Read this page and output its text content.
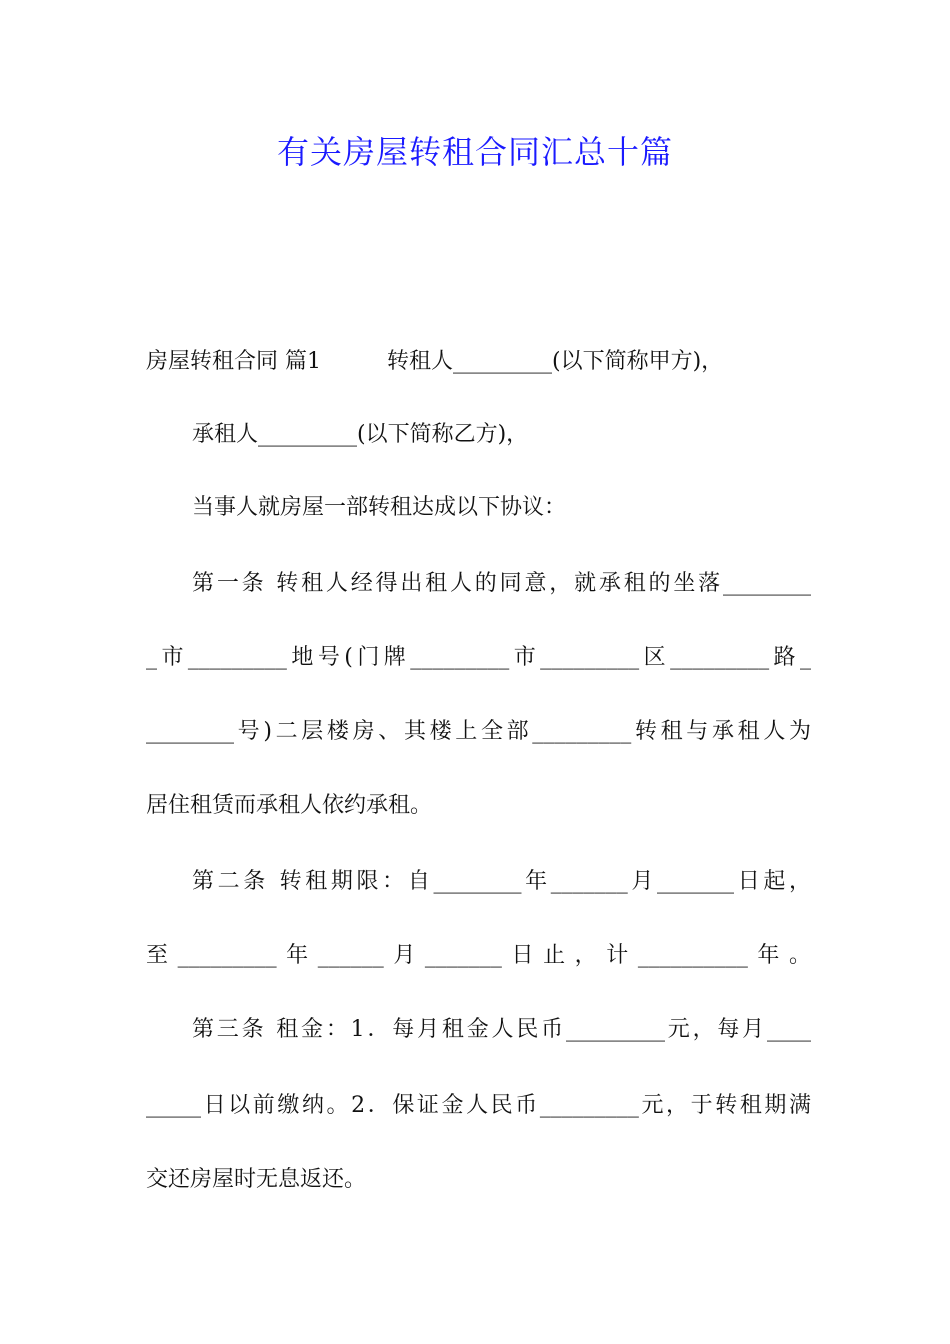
有关房屋转租合同汇总十篇
房屋转租合同 篇1　　　转租人_________(以下简称甲方)，
承租人_________(以下简称乙方)，
当事人就房屋一部转租达成以下协议：
第一条 转租人经得出租人的同意，就承租的坐落________
_市_________地号(门牌_________市_________区_________路_
________号)二层楼房、其楼上全部_________转租与承租人为
居住租赁而承租人依约承租。
第二条 转租期限：自________年_______月_______日起，
至_________年______月_______日止，计__________年。
第三条 租金：1．每月租金人民币_________元，每月____
_____日以前缴纳。2．保证金人民币_________元，于转租期满
交还房屋时无息返还。
